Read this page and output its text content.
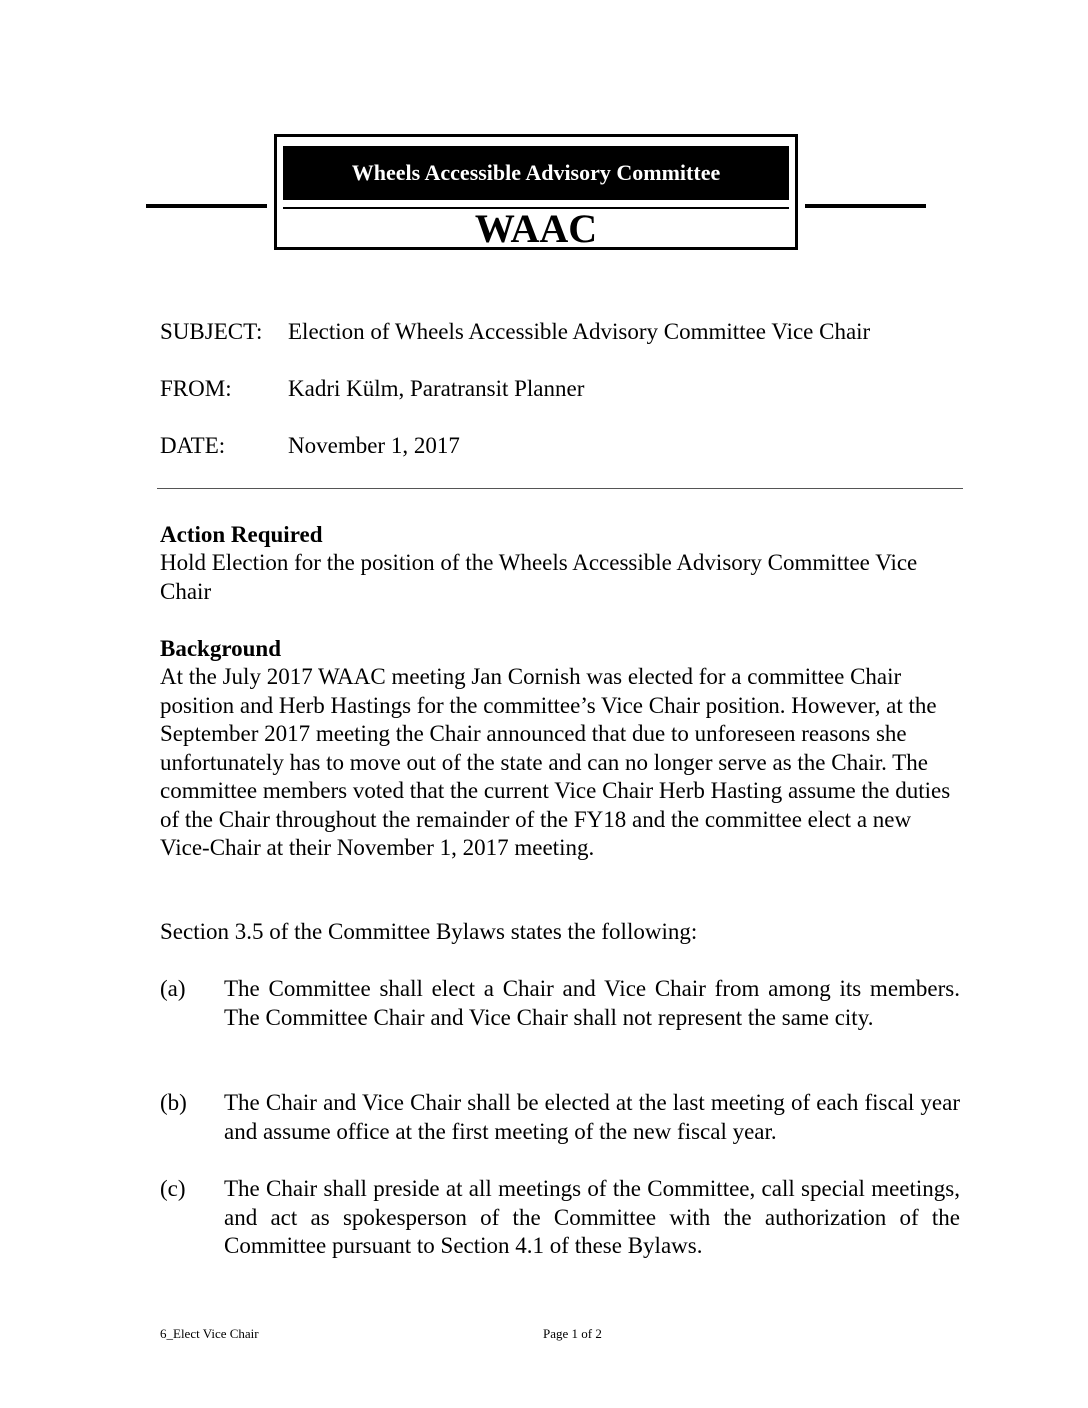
Wheels Accessible Advisory Committee
WAAC
SUBJECT: Election of Wheels Accessible Advisory Committee Vice Chair
FROM: Kadri Külm, Paratransit Planner
DATE:	November 1, 2017
Action Required
Hold Election for the position of the Wheels Accessible Advisory Committee Vice Chair
Background
At the July 2017 WAAC meeting Jan Cornish was elected for a committee Chair position and Herb Hastings for the committee’s Vice Chair position. However, at the September 2017 meeting the Chair announced that due to unforeseen reasons she unfortunately has to move out of the state and can no longer serve as the Chair. The committee members voted that the current Vice Chair Herb Hasting assume the duties of the Chair throughout the remainder of the FY18 and the committee elect a new Vice-Chair at their November 1, 2017 meeting.
Section 3.5 of the Committee Bylaws states the following:
(a) The Committee shall elect a Chair and Vice Chair from among its members. The Committee Chair and Vice Chair shall not represent the same city.
(b) The Chair and Vice Chair shall be elected at the last meeting of each fiscal year and assume office at the first meeting of the new fiscal year.
(c) The Chair shall preside at all meetings of the Committee, call special meetings, and act as spokesperson of the Committee with the authorization of the Committee pursuant to Section 4.1 of these Bylaws.
6_Elect Vice Chair	Page 1 of 2
